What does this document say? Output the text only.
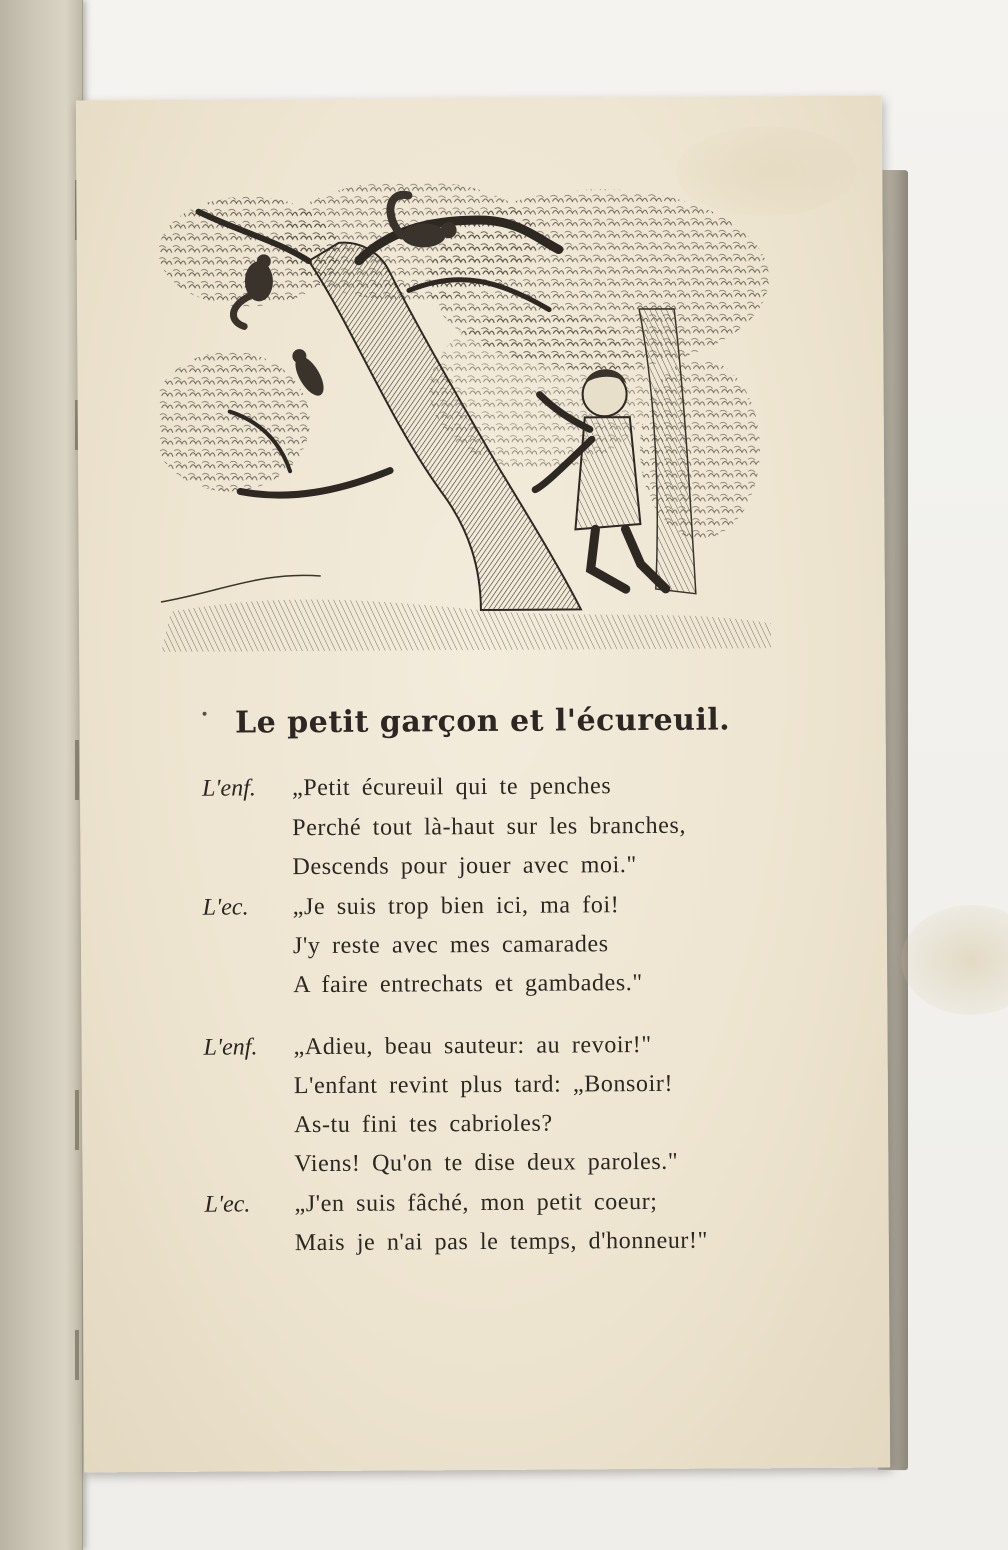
Le petit garçon et l'écureuil.
L'enf. „Petit écureuil qui te penches
Perché tout là-haut sur les branches,
Descends pour jouer avec moi."
L'ec. „Je suis trop bien ici, ma foi!
J'y reste avec mes camarades
A faire entrechats et gambades."
L'enf. „Adieu, beau sauteur: au revoir!"
L'enfant revint plus tard: „Bonsoir!
As-tu fini tes cabrioles?
Viens! Qu'on te dise deux paroles."
L'ec. „J'en suis fâché, mon petit coeur;
Mais je n'ai pas le temps, d'honneur!"
